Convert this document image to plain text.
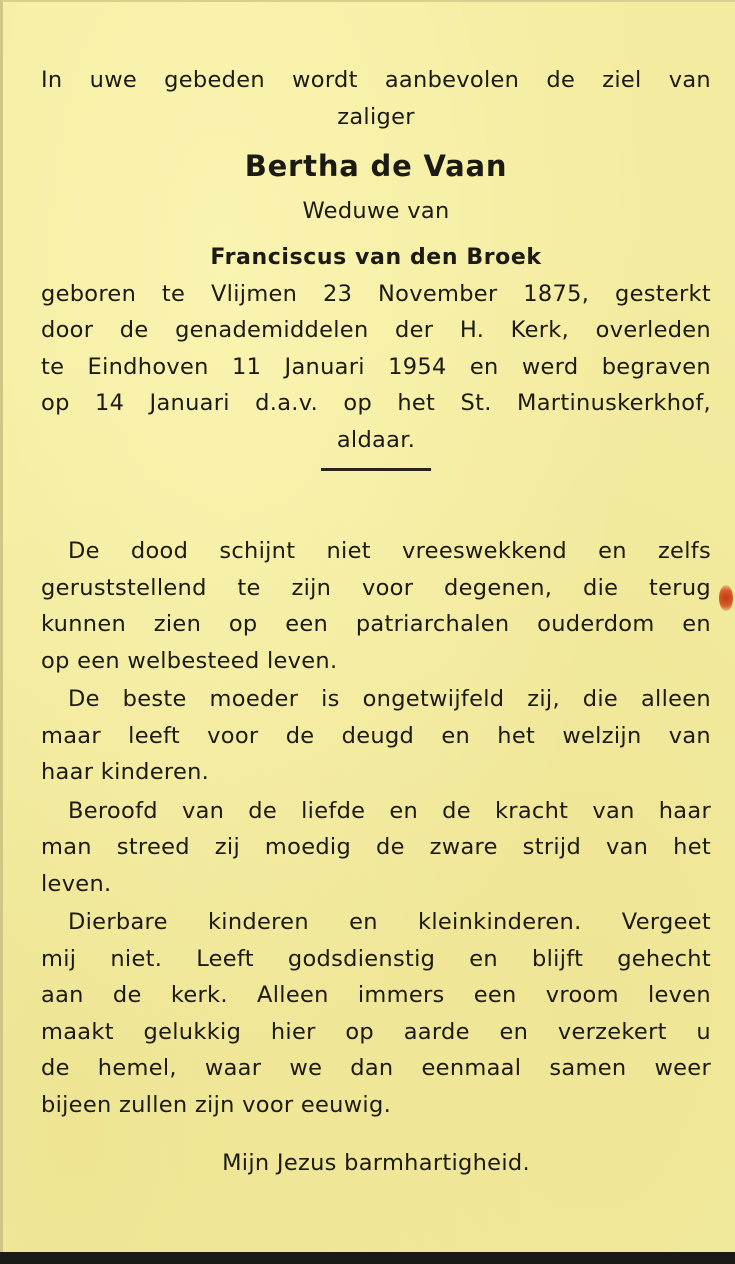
In uwe gebeden wordt aanbevolen de ziel van
zaliger
Bertha de Vaan
Weduwe van
Franciscus van den Broek
geboren te Vlijmen 23 November 1875, gesterkt
door de genademiddelen der H. Kerk, overleden
te Eindhoven 11 Januari 1954 en werd begraven
op 14 Januari d.a.v. op het St. Martinuskerkhof,
aldaar.
De dood schijnt niet vreeswekkend en zelfs
geruststellend te zijn voor degenen, die terug
kunnen zien op een patriarchalen ouderdom en
op een welbesteed leven.
De beste moeder is ongetwijfeld zij, die alleen
maar leeft voor de deugd en het welzijn van
haar kinderen.
Beroofd van de liefde en de kracht van haar
man streed zij moedig de zware strijd van het
leven.
Dierbare kinderen en kleinkinderen. Vergeet
mij niet. Leeft godsdienstig en blijft gehecht
aan de kerk. Alleen immers een vroom leven
maakt gelukkig hier op aarde en verzekert u
de hemel, waar we dan eenmaal samen weer
bijeen zullen zijn voor eeuwig.
Mijn Jezus barmhartigheid.
